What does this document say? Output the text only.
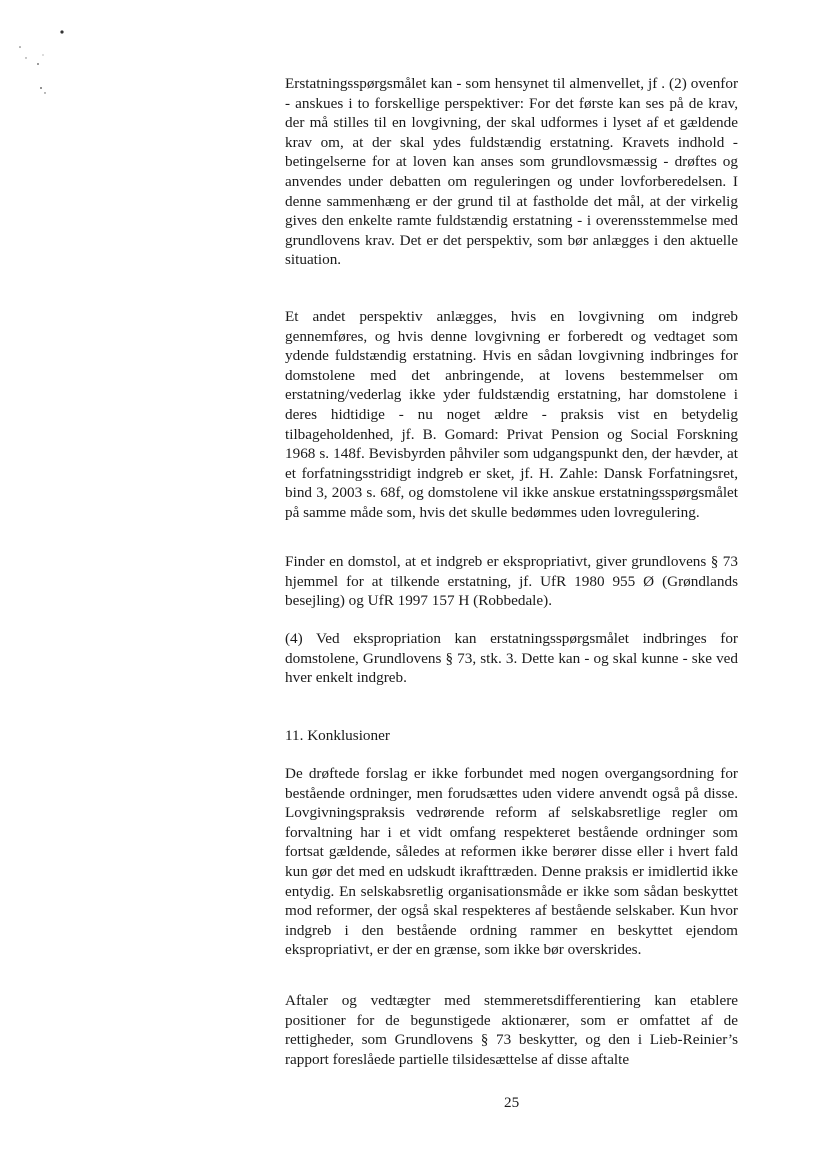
Erstatningsspørgsmålet kan - som hensynet til almenvellet, jf . (2) ovenfor - anskues i to forskellige perspektiver: For det første kan ses på de krav, der må stilles til en lovgivning, der skal udformes i lyset af et gældende krav om, at der skal ydes fuldstændig erstatning. Kravets indhold - betingelserne for at loven kan anses som grundlovsmæssig - drøftes og anvendes under debatten om reguleringen og under lovforberedelsen. I denne sammenhæng er der grund til at fastholde det mål, at der virkelig gives den enkelte ramte fuldstændig erstatning - i overensstemmelse med grundlovens krav. Det er det perspektiv, som bør anlægges i den aktuelle situation.

Et andet perspektiv anlægges, hvis en lovgivning om indgreb gennemføres, og hvis denne lovgivning er forberedt og vedtaget som ydende fuldstændig erstatning. Hvis en sådan lovgivning indbringes for domstolene med det anbringende, at lovens bestemmelser om erstatning/vederlag ikke yder fuldstændig erstatning, har domstolene i deres hidtidige - nu noget ældre - praksis vist en betydelig tilbageholdenhed, jf. B. Gomard: Privat Pension og Social Forskning 1968 s. 148f. Bevisbyrden påhviler som udgangspunkt den, der hævder, at et forfatningsstridigt indgreb er sket, jf. H. Zahle: Dansk Forfatningsret, bind 3, 2003 s. 68f, og domstolene vil ikke anskue erstatningsspørgsmålet på samme måde som, hvis det skulle bedømmes uden lovregulering.

Finder en domstol, at et indgreb er ekspropriativt, giver grundlovens § 73 hjemmel for at tilkende erstatning, jf. UfR 1980 955 Ø (Grøndlands besejling) og UfR 1997 157 H (Robbedale).

(4) Ved ekspropriation kan erstatningsspørgsmålet indbringes for domstolene, Grundlovens § 73, stk. 3. Dette kan - og skal kunne - ske ved hver enkelt indgreb.

11. Konklusioner

De drøftede forslag er ikke forbundet med nogen overgangsordning for bestående ordninger, men forudsættes uden videre anvendt også på disse. Lovgivningspraksis vedrørende reform af selskabsretlige regler om forvaltning har i et vidt omfang respekteret bestående ordninger som fortsat gældende, således at reformen ikke berører disse eller i hvert fald kun gør det med en udskudt ikrafttræden. Denne praksis er imidlertid ikke entydig. En selskabsretlig organisationsmåde er ikke som sådan beskyttet mod reformer, der også skal respekteres af bestående selskaber. Kun hvor indgreb i den bestående ordning rammer en beskyttet ejendom ekspropriativt, er der en grænse, som ikke bør overskrides.

Aftaler og vedtægter med stemmeretsdifferentiering kan etablere positioner for de begunstigede aktionærer, som er omfattet af de rettigheder, som Grundlovens § 73 beskytter, og den i Lieb-Reinier’s rapport foreslåede partielle tilsidesættelse af disse aftalte

25
